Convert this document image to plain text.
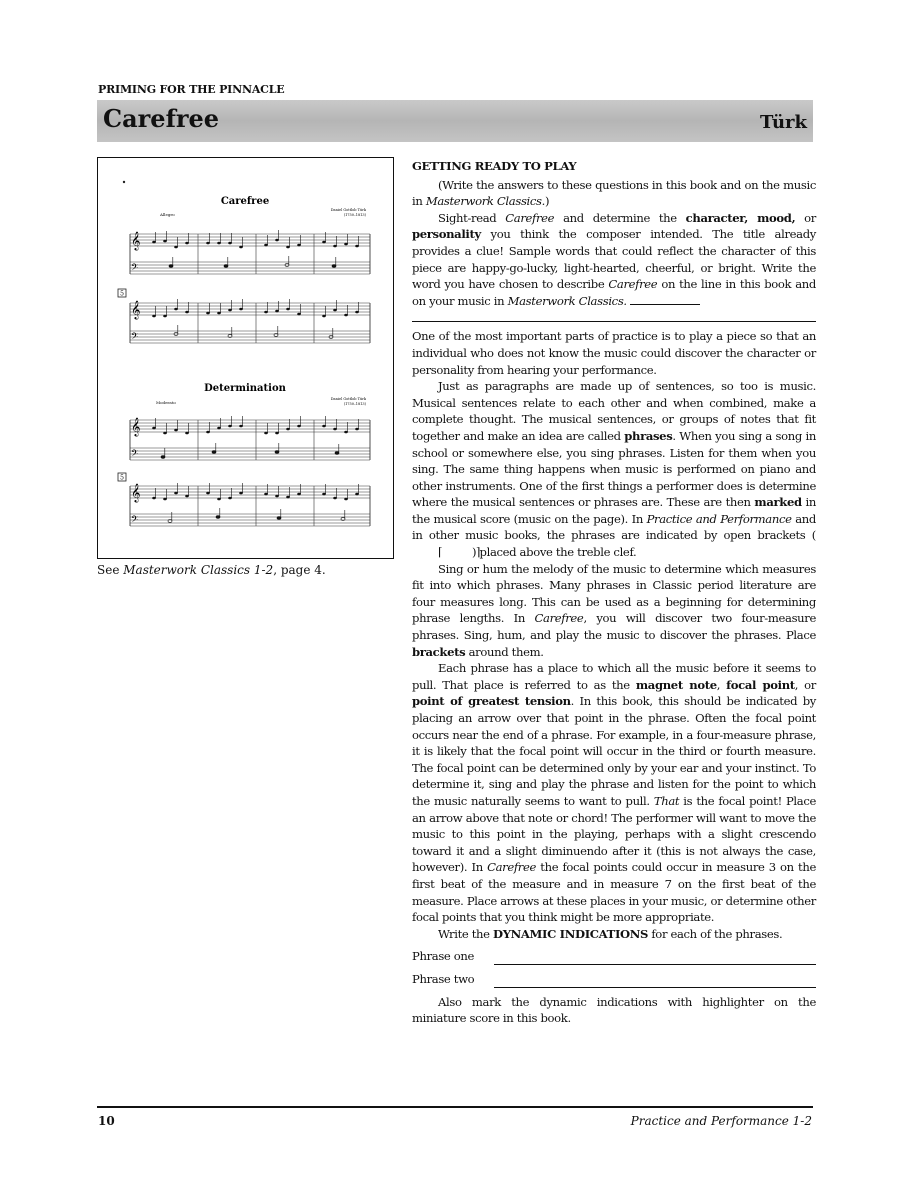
PRIMING FOR THE PINNACLE
Carefree	Türk
Carefree
Allegro
Daniel Gottlob Türk
(1750–1813)
𝄞
𝄢
𝄞
𝄢
Determination
Moderato
Daniel Gottlob Türk
(1750–1813)
𝄞
𝄢
𝄞
𝄢
5
5
See Masterwork Classics 1-2, page 4.
GETTING READY TO PLAY

(Write the answers to these questions in this book and on the music in Masterwork Classics.)

Sight-read Carefree and determine the character, mood, or personality you think the composer intended. The title already provides a clue! Sample words that could reflect the character of this piece are happy-go-lucky, light-hearted, cheerful, or bright. Write the word you have chosen to describe Carefree on the line in this book and on your music in Masterwork Classics.

One of the most important parts of practice is to play a piece so that an individual who does not know the music could discover the character or personality from hearing your performance.

Just as paragraphs are made up of sentences, so too is music. Musical sentences relate to each other and when combined, make a complete thought. The musical sentences, or groups of notes that fit together and make an idea are called phrases. When you sing a song in school or somewhere else, you sing phrases. Listen for them when you sing. The same thing happens when music is performed on piano and other instruments. One of the first things a performer does is determine where the musical sentences or phrases are. These are then marked in the musical score (music on the page). In Practice and Performance and in other music books, the phrases are indicated by open brackets (⌈   ⌉) placed above the treble clef.

Sing or hum the melody of the music to determine which measures fit into which phrases. Many phrases in Classic period literature are four measures long. This can be used as a beginning for determining phrase lengths. In Carefree, you will discover two four-measure phrases. Sing, hum, and play the music to discover the phrases. Place brackets around them.

Each phrase has a place to which all the music before it seems to pull. That place is referred to as the magnet note, focal point, or point of greatest tension. In this book, this should be indicated by placing an arrow over that point in the phrase. Often the focal point occurs near the end of a phrase. For example, in a four-measure phrase, it is likely that the focal point will occur in the third or fourth measure. The focal point can be determined only by your ear and your instinct. To determine it, sing and play the phrase and listen for the point to which the music naturally seems to want to pull. That is the focal point! Place an arrow above that note or chord! The performer will want to move the music to this point in the playing, perhaps with a slight crescendo toward it and a slight diminuendo after it (this is not always the case, however). In Carefree the focal points could occur in measure 3 on the first beat of the measure and in measure 7 on the first beat of the measure. Place arrows at these places in your music, or determine other focal points that you think might be more appropriate.

Write the DYNAMIC INDICATIONS for each of the phrases.

Phrase one
Phrase two

Also mark the dynamic indications with highlighter on the miniature score in this book.

10	Practice and Performance 1-2
